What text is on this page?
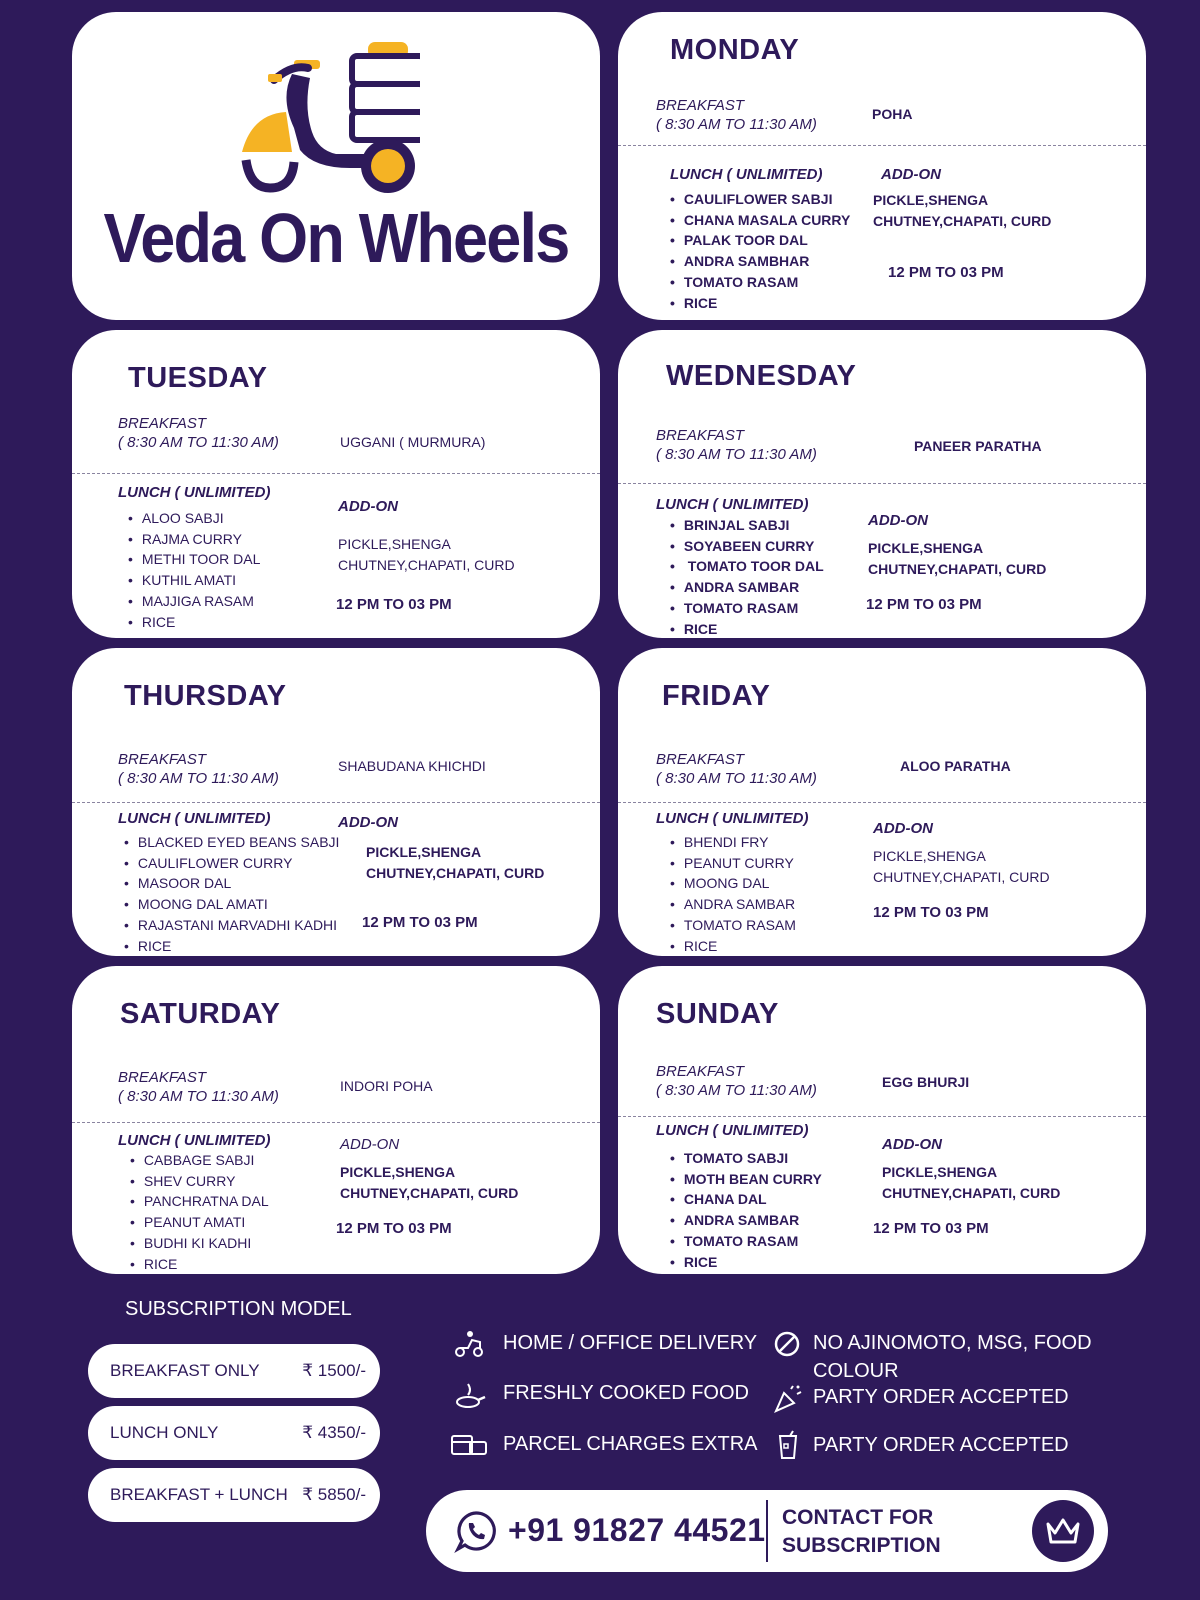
Veda On Wheels
MONDAY
BREAKFAST
( 8:30 AM TO 11:30 AM)
POHA
LUNCH ( UNLIMITED)
• CAULIFLOWER SABJI
• CHANA MASALA CURRY
• PALAK TOOR DAL
• ANDRA SAMBHAR
• TOMATO RASAM
• RICE
ADD-ON
PICKLE,SHENGA CHUTNEY,CHAPATI, CURD
12 PM TO 03 PM
TUESDAY
BREAKFAST
( 8:30 AM TO 11:30 AM)	UGGANI ( MURMURA)
LUNCH ( UNLIMITED)
• ALOO SABJI
• RAJMA CURRY
• METHI TOOR DAL
• KUTHIL AMATI
• MAJJIGA RASAM
• RICE
ADD-ON
PICKLE,SHENGA CHUTNEY,CHAPATI, CURD
12 PM TO 03 PM
WEDNESDAY
BREAKFAST
( 8:30 AM TO 11:30 AM)	PANEER PARATHA
LUNCH ( UNLIMITED)
• BRINJAL SABJI
• SOYABEEN CURRY
• TOMATO TOOR DAL
• ANDRA SAMBAR
• TOMATO RASAM
• RICE
ADD-ON
PICKLE,SHENGA CHUTNEY,CHAPATI, CURD
12 PM TO 03 PM
THURSDAY
BREAKFAST
( 8:30 AM TO 11:30 AM)
SHABUDANA KHICHDI
LUNCH ( UNLIMITED)
• BLACKED EYED BEANS SABJI
• CAULIFLOWER CURRY
• MASOOR DAL
• MOONG DAL AMATI
• RAJASTANI MARVADHI KADHI
• RICE
ADD-ON
PICKLE,SHENGA CHUTNEY,CHAPATI, CURD
12 PM TO 03 PM
FRIDAY
BREAKFAST
( 8:30 AM TO 11:30 AM)
ALOO PARATHA
LUNCH ( UNLIMITED)
• BHENDI FRY
• PEANUT CURRY
• MOONG DAL
• ANDRA SAMBAR
• TOMATO RASAM
• RICE
ADD-ON
PICKLE,SHENGA CHUTNEY,CHAPATI, CURD
12 PM TO 03 PM
SATURDAY
BREAKFAST
( 8:30 AM TO 11:30 AM)
INDORI POHA
LUNCH ( UNLIMITED)
• CABBAGE SABJI
• SHEV CURRY
• PANCHRATNA DAL
• PEANUT AMATI
• BUDHI KI KADHI
• RICE
ADD-ON
PICKLE,SHENGA CHUTNEY,CHAPATI, CURD
12 PM TO 03 PM
SUNDAY
BREAKFAST
( 8:30 AM TO 11:30 AM)	EGG BHURJI
LUNCH ( UNLIMITED)
• TOMATO SABJI
• MOTH BEAN CURRY
• CHANA DAL
• ANDRA SAMBAR
• TOMATO RASAM
• RICE
ADD-ON
PICKLE,SHENGA CHUTNEY,CHAPATI, CURD
12 PM TO 03 PM
SUBSCRIPTION MODEL
BREAKFAST ONLY	₹ 1500/-
LUNCH ONLY	₹ 4350/-
BREAKFAST + LUNCH ₹ 5850/-
HOME / OFFICE DELIVERY	NO AJINOMOTO, MSG, FOOD COLOUR
FRESHLY COOKED FOOD	PARTY ORDER ACCEPTED
PARCEL CHARGES EXTRA	PARTY ORDER ACCEPTED
+91 91827 44521 CONTACT FOR SUBSCRIPTION
